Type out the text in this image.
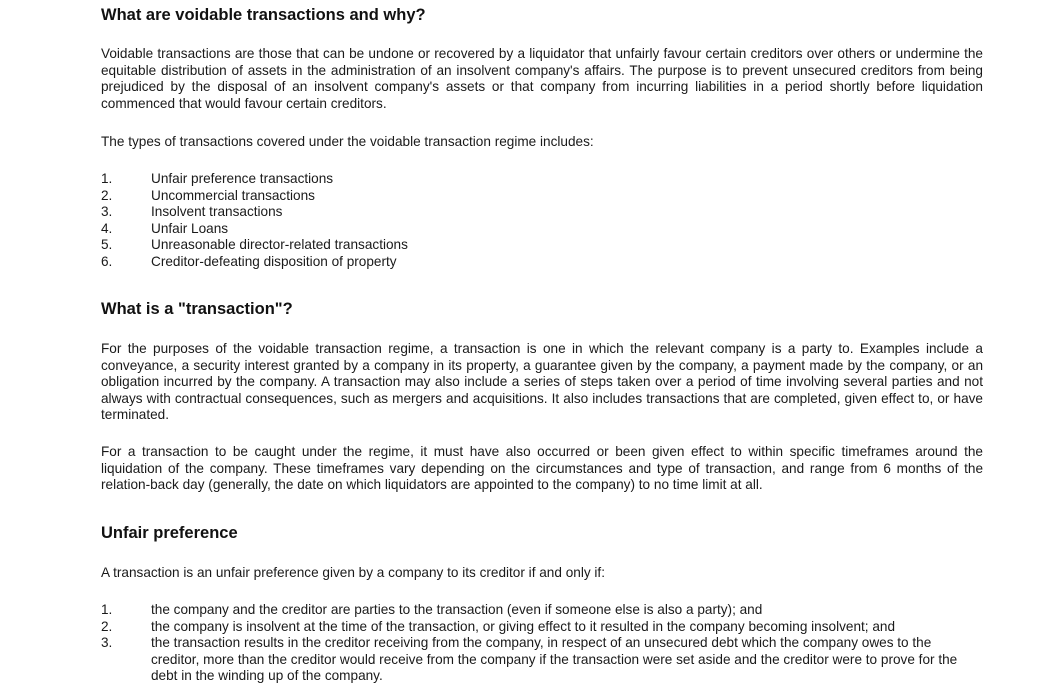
What are voidable transactions and why?

Voidable transactions are those that can be undone or recovered by a liquidator that unfairly favour certain creditors over others or undermine the equitable distribution of assets in the administration of an insolvent company's affairs. The purpose is to prevent unsecured creditors from being prejudiced by the disposal of an insolvent company's assets or that company from incurring liabilities in a period shortly before liquidation commenced that would favour certain creditors.

The types of transactions covered under the voidable transaction regime includes:

1.	Unfair preference transactions
2.	Uncommercial transactions
3.	Insolvent transactions
4.	Unfair Loans
5.	Unreasonable director-related transactions
6.	Creditor-defeating disposition of property
What is a "transaction"?

For the purposes of the voidable transaction regime, a transaction is one in which the relevant company is a party to. Examples include a conveyance, a security interest granted by a company in its property, a guarantee given by the company, a payment made by the company, or an obligation incurred by the company. A transaction may also include a series of steps taken over a period of time involving several parties and not always with contractual consequences, such as mergers and acquisitions. It also includes transactions that are completed, given effect to, or have terminated.

For a transaction to be caught under the regime, it must have also occurred or been given effect to within specific timeframes around the liquidation of the company. These timeframes vary depending on the circumstances and type of transaction, and range from 6 months of the relation-back day (generally, the date on which liquidators are appointed to the company) to no time limit at all.

Unfair preference

A transaction is an unfair preference given by a company to its creditor if and only if:

1.	the company and the creditor are parties to the transaction (even if someone else is also a party); and
2.	the company is insolvent at the time of the transaction, or giving effect to it resulted in the company becoming insolvent; and
3.	the transaction results in the creditor receiving from the company, in respect of an unsecured debt which the company owes to the creditor, more than the creditor would receive from the company if the transaction were set aside and the creditor were to prove for the debt in the winding up of the company.
